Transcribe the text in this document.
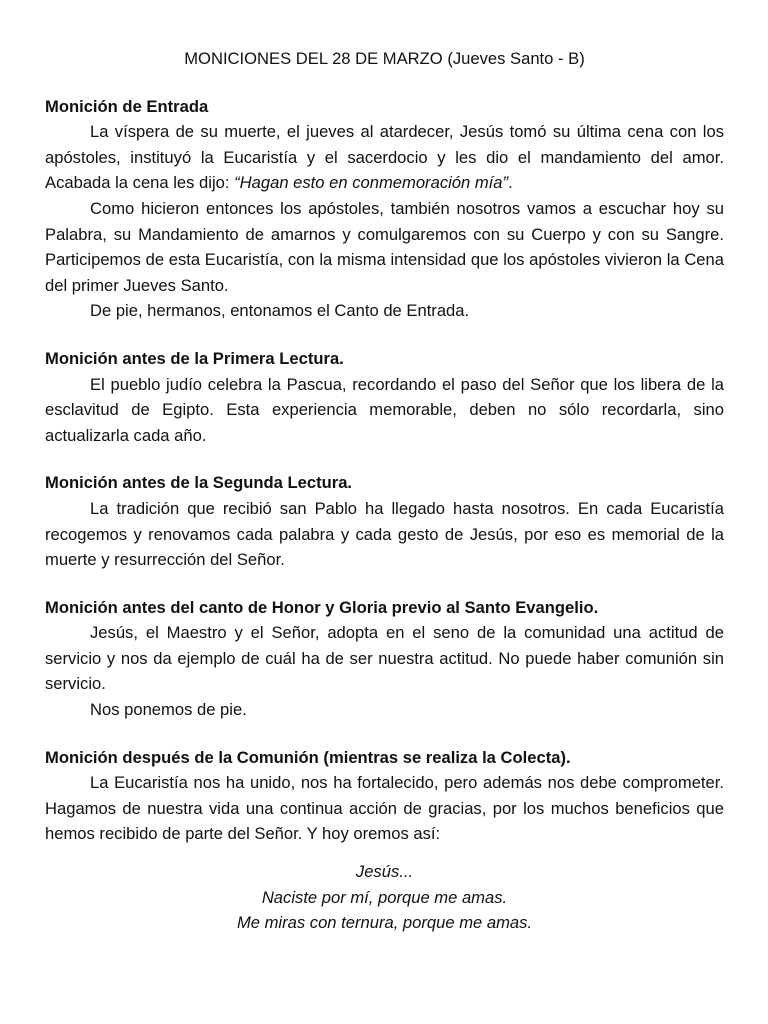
MONICIONES DEL 28 DE MARZO (Jueves Santo - B)
Monición de Entrada

La víspera de su muerte, el jueves al atardecer, Jesús tomó su última cena con los apóstoles, instituyó la Eucaristía y el sacerdocio y les dio el mandamiento del amor. Acabada la cena les dijo: “Hagan esto en conmemoración mía”.

Como hicieron entonces los apóstoles, también nosotros vamos a escuchar hoy su Palabra, su Mandamiento de amarnos y comulgaremos con su Cuerpo y con su Sangre. Participemos de esta Eucaristía, con la misma intensidad que los apóstoles vivieron la Cena del primer Jueves Santo.

De pie, hermanos, entonamos el Canto de Entrada.

Monición antes de la Primera Lectura.

El pueblo judío celebra la Pascua, recordando el paso del Señor que los libera de la esclavitud de Egipto. Esta experiencia memorable, deben no sólo recordarla, sino actualizarla cada año.

Monición antes de la Segunda Lectura.

La tradición que recibió san Pablo ha llegado hasta nosotros. En cada Eucaristía recogemos y renovamos cada palabra y cada gesto de Jesús, por eso es memorial de la muerte y resurrección del Señor.

Monición antes del canto de Honor y Gloria previo al Santo Evangelio.

Jesús, el Maestro y el Señor, adopta en el seno de la comunidad una actitud de servicio y nos da ejemplo de cuál ha de ser nuestra actitud. No puede haber comunión sin servicio.

Nos ponemos de pie.

Monición después de la Comunión (mientras se realiza la Colecta).

La Eucaristía nos ha unido, nos ha fortalecido, pero además nos debe comprometer. Hagamos de nuestra vida una continua acción de gracias, por los muchos beneficios que hemos recibido de parte del Señor. Y hoy oremos así:

Jesús...
Naciste por mí, porque me amas.
Me miras con ternura, porque me amas.
